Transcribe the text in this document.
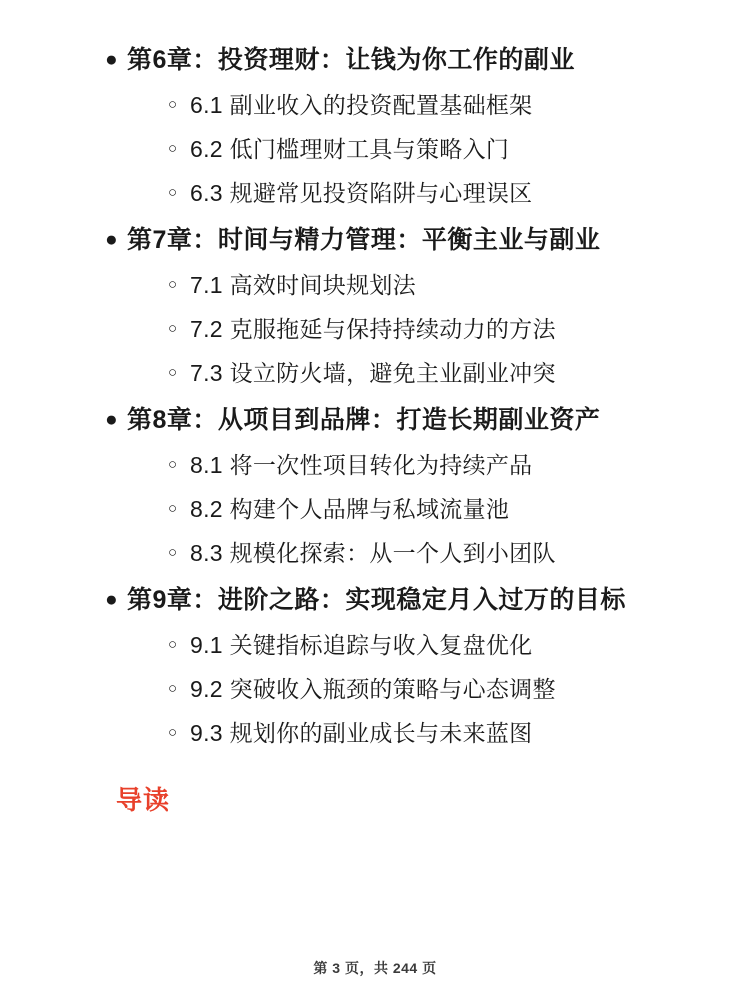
● 第6章：投资理财：让钱为你工作的副业
○ 6.1 副业收入的投资配置基础框架
○ 6.2 低门槛理财工具与策略入门
○ 6.3 规避常见投资陷阱与心理误区
● 第7章：时间与精力管理：平衡主业与副业
○ 7.1 高效时间块规划法
○ 7.2 克服拖延与保持持续动力的方法
○ 7.3 设立防火墙，避免主业副业冲突
● 第8章：从项目到品牌：打造长期副业资产
○ 8.1 将一次性项目转化为持续产品
○ 8.2 构建个人品牌与私域流量池
○ 8.3 规模化探索：从一个人到小团队
● 第9章：进阶之路：实现稳定月入过万的目标
○ 9.1 关键指标追踪与收入复盘优化
○ 9.2 突破收入瓶颈的策略与心态调整
○ 9.3 规划你的副业成长与未来蓝图
导读
第 3 页，共 244 页
